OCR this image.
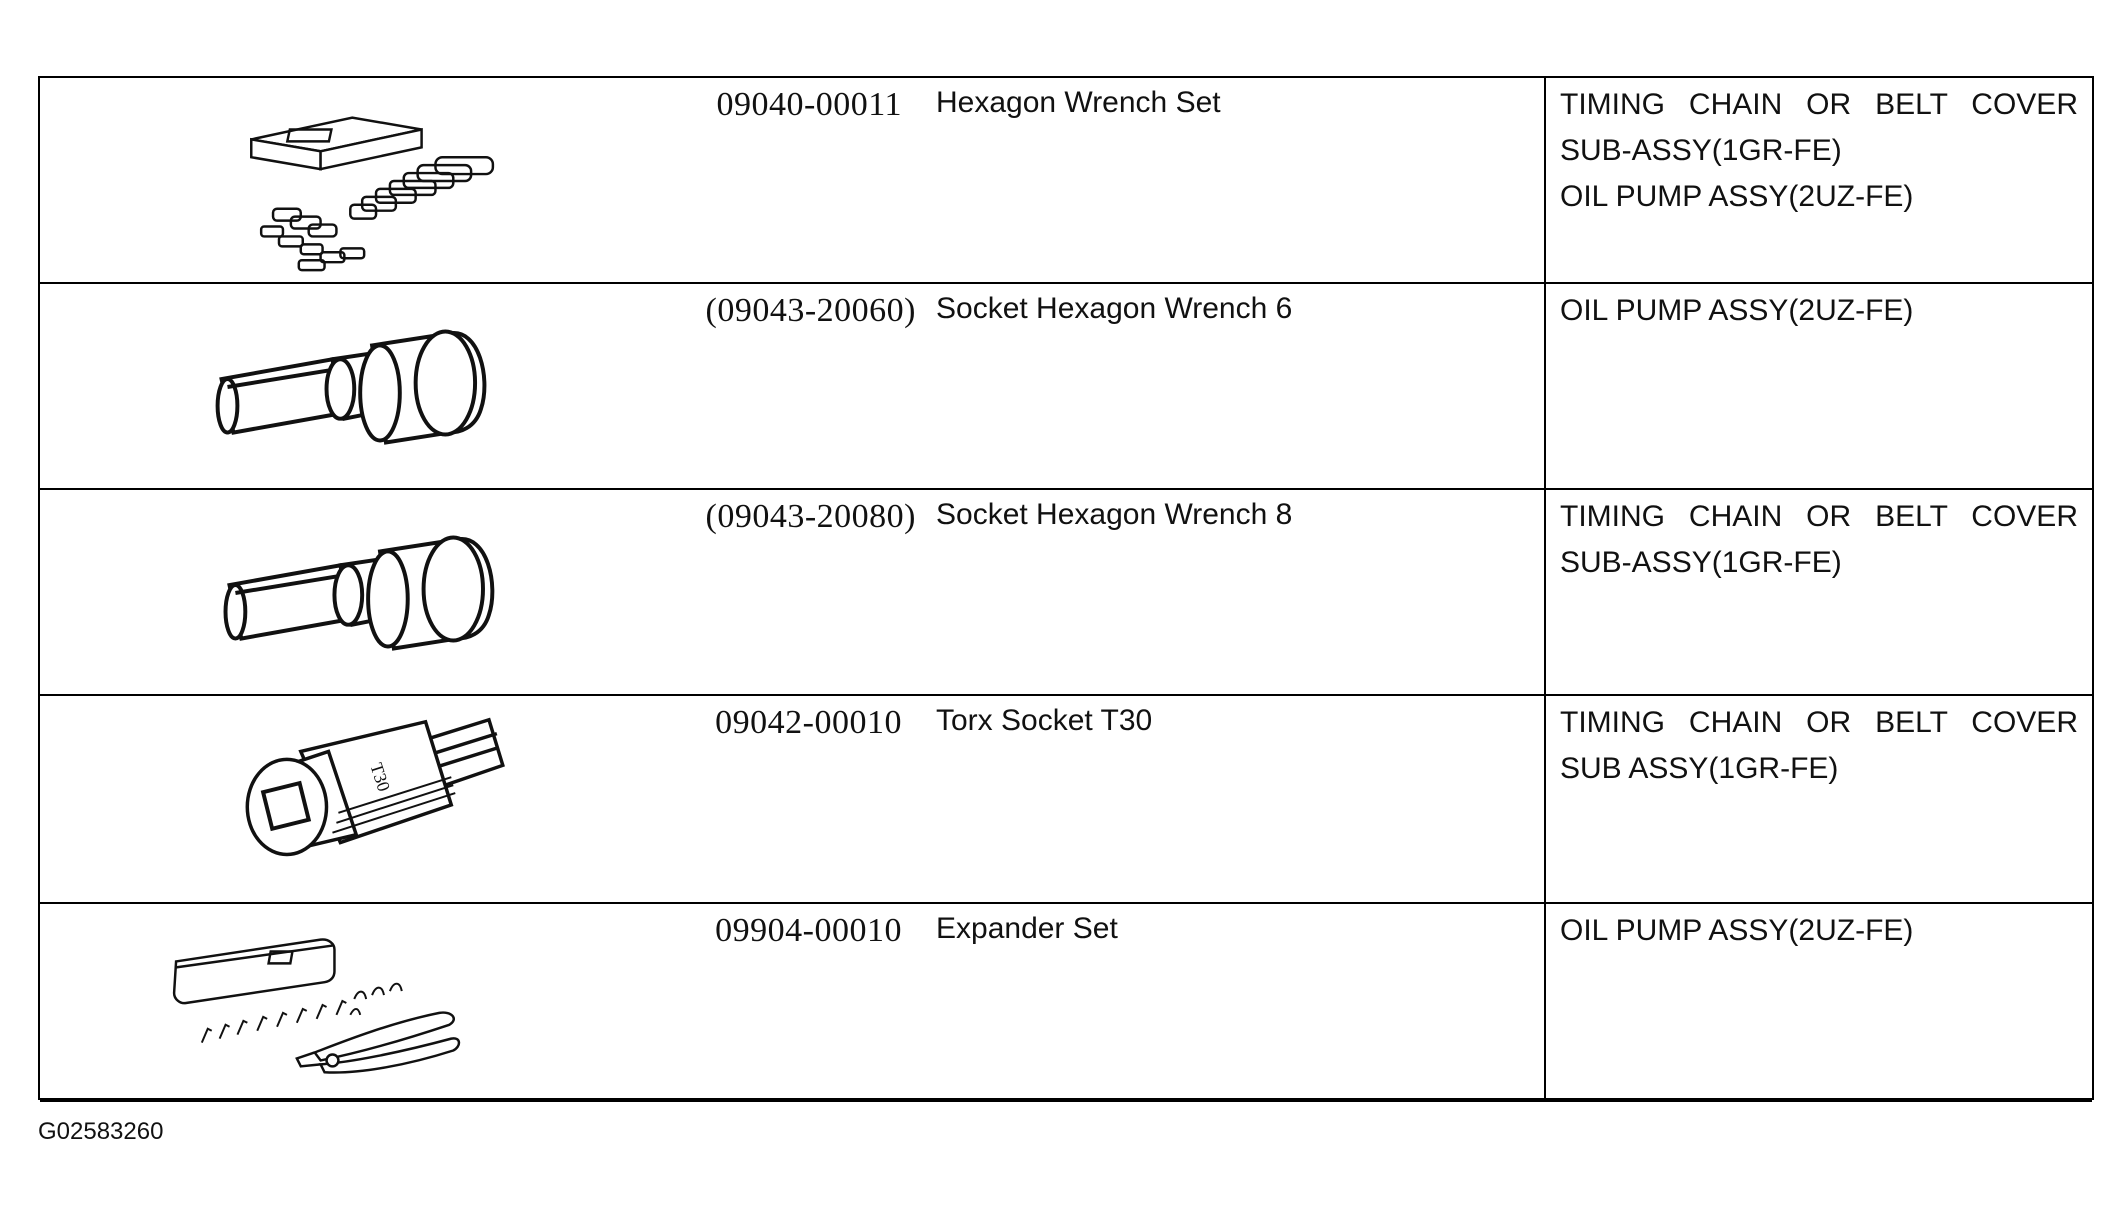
09040-00011	Hexagon Wrench Set	TIMING CHAIN OR BELT COVER
SUB-ASSY(1GR-FE)
OIL PUMP ASSY(2UZ-FE)
(09043-20060) Socket Hexagon Wrench 6	OIL PUMP ASSY(2UZ-FE)
(09043-20080) Socket Hexagon Wrench 8	TIMING CHAIN OR BELT COVER
SUB-ASSY(1GR-FE)
T30
09042-00010	Torx Socket T30	TIMING CHAIN OR BELT COVER
SUB ASSY(1GR-FE)
09904-00010	Expander Set	OIL PUMP ASSY(2UZ-FE)
G02583260
